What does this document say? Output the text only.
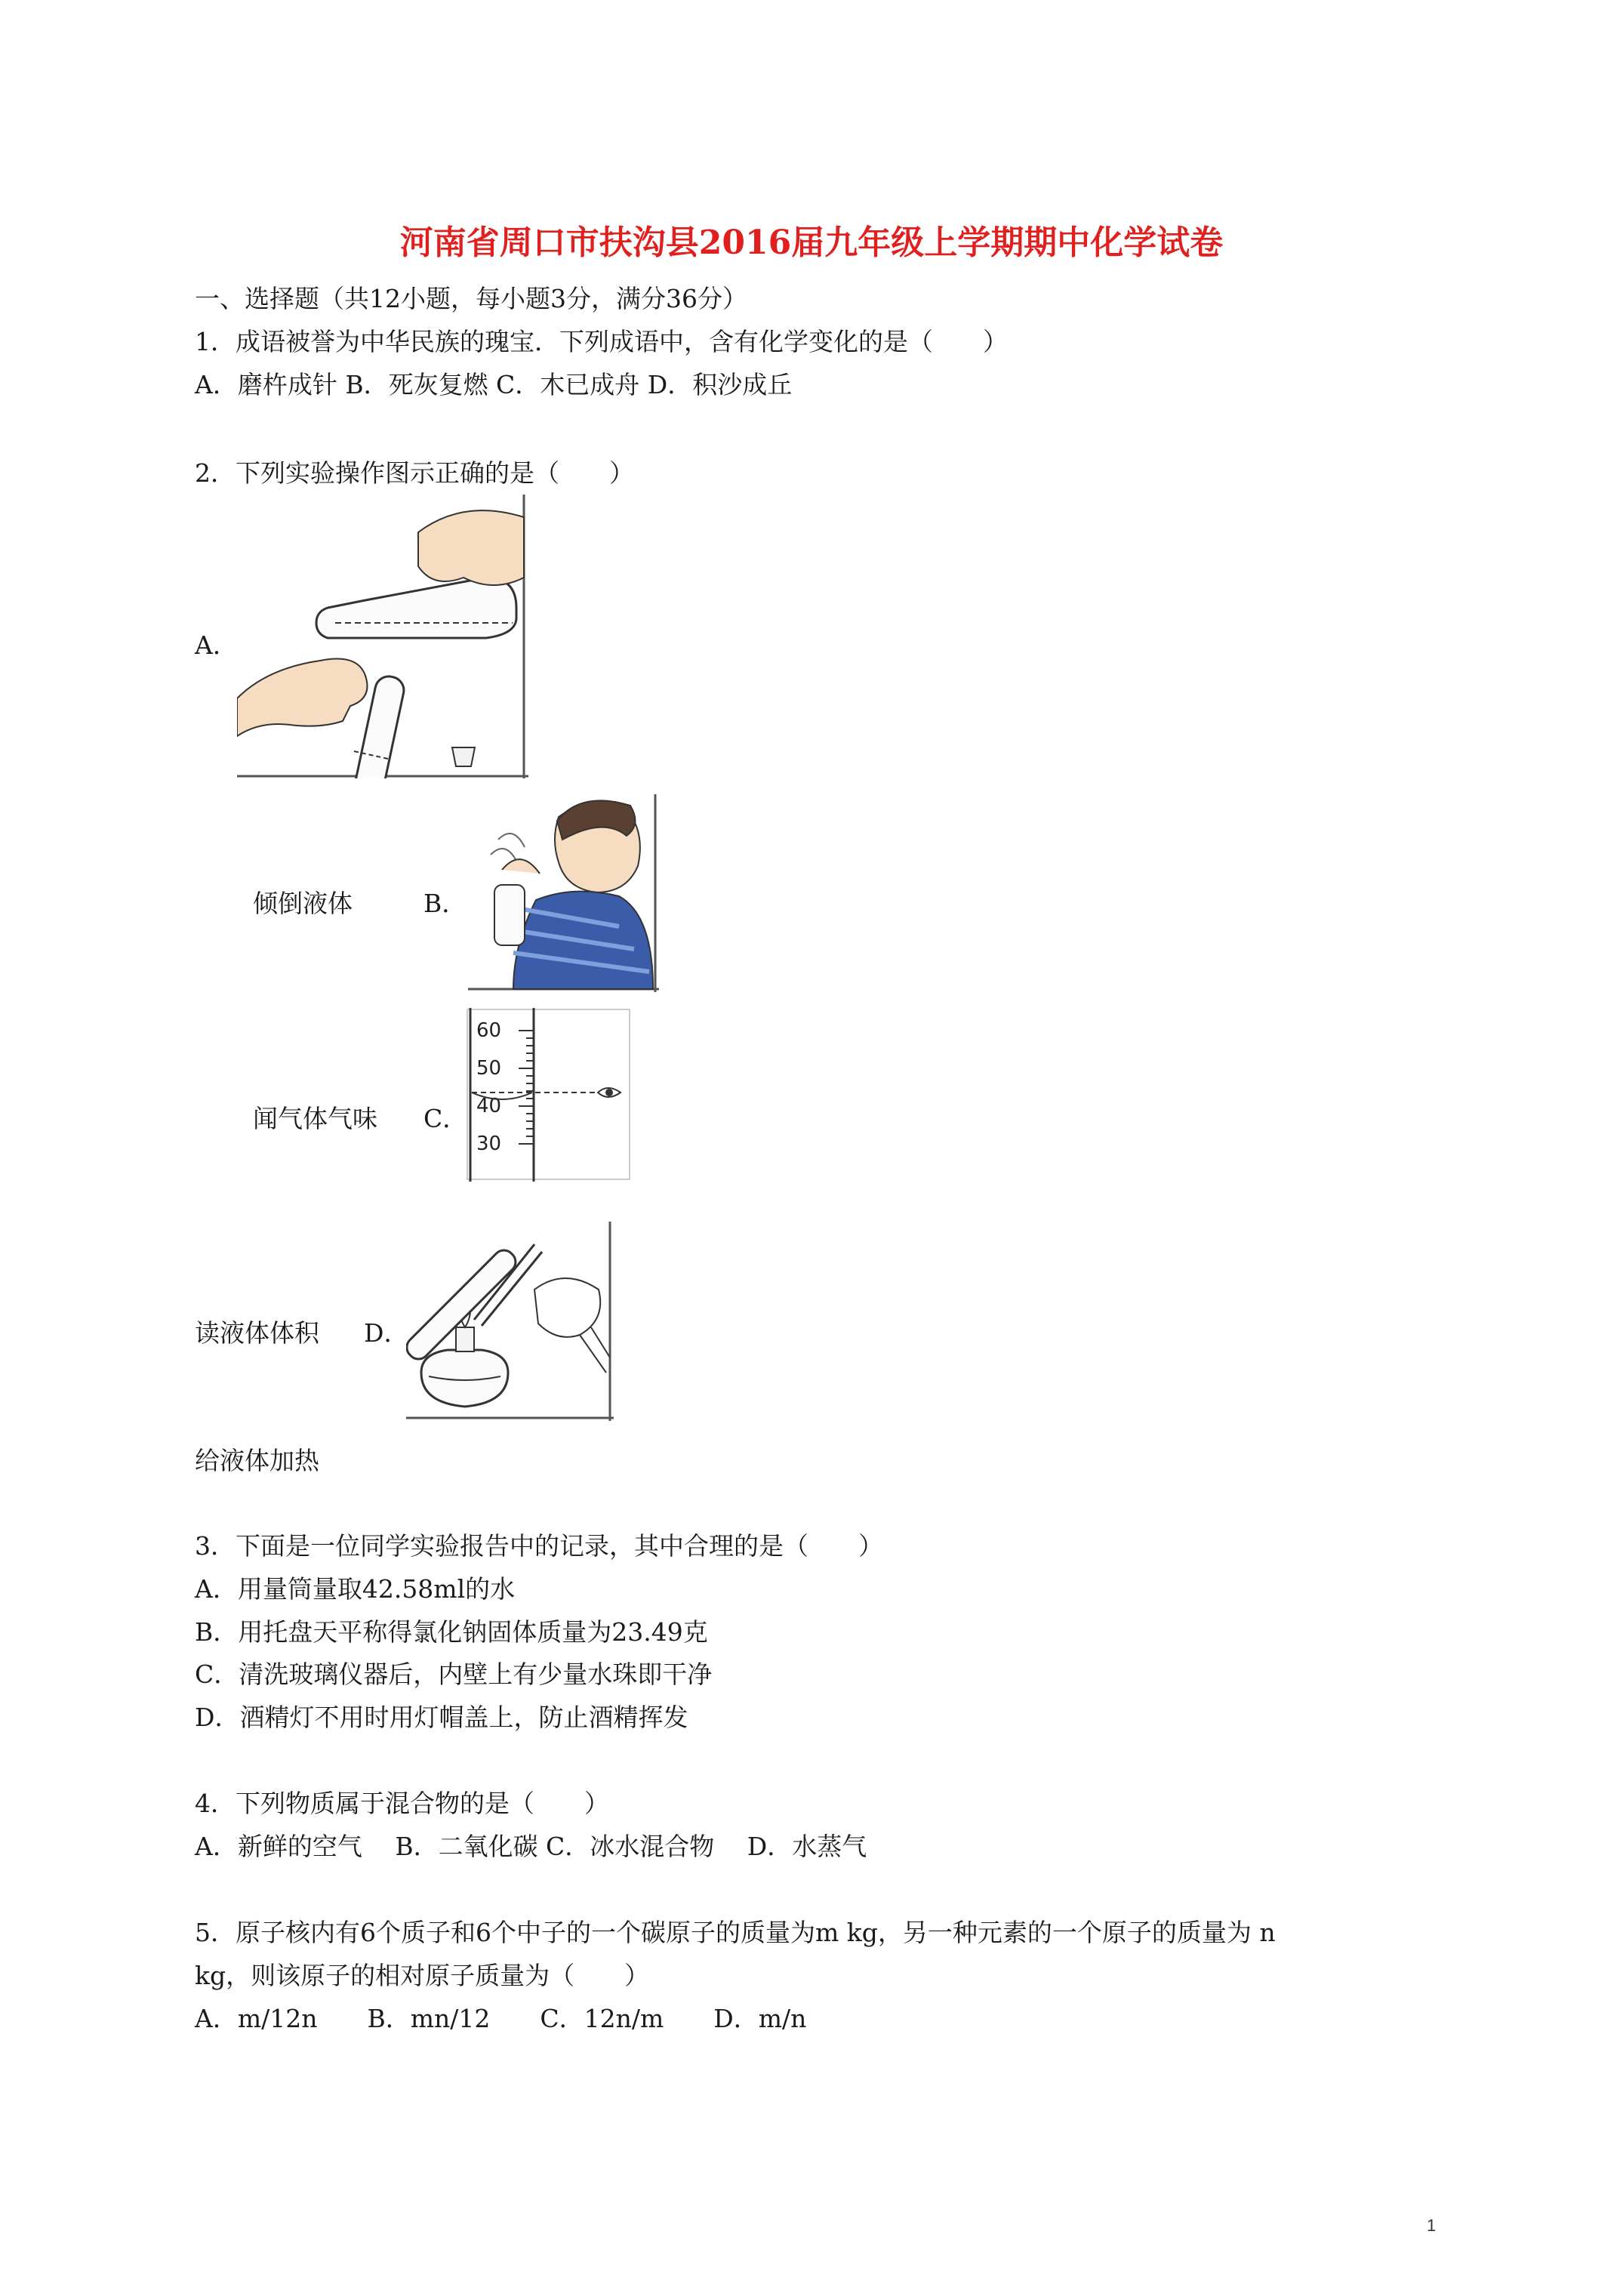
河南省周口市扶沟县2016届九年级上学期期中化学试卷
一、选择题（共12小题，每小题3分，满分36分）
1．成语被誉为中华民族的瑰宝．下列成语中，含有化学变化的是（　　）
A．磨杵成针 B．死灰复燃 C．木已成舟 D．积沙成丘
2．下列实验操作图示正确的是（　　）
A．
倾倒液体	B．
闻气体气味 C．
60
50
40
30
读液体体积 D．
给液体加热
3．下面是一位同学实验报告中的记录，其中合理的是（　　）
A．用量筒量取42.58ml的水
B．用托盘天平称得氯化钠固体质量为23.49克
C．清洗玻璃仪器后，内壁上有少量水珠即干净
D．酒精灯不用时用灯帽盖上，防止酒精挥发
4．下列物质属于混合物的是（　　）
A．新鲜的空气　 B．二氧化碳 C．冰水混合物　 D．水蒸气
5．原子核内有6个质子和6个中子的一个碳原子的质量为m kg，另一种元素的一个原子的质量为 n
kg，则该原子的相对原子质量为（　　）
A．m/12n　　B．mn/12　　C．12n/m　　D．m/n
1
